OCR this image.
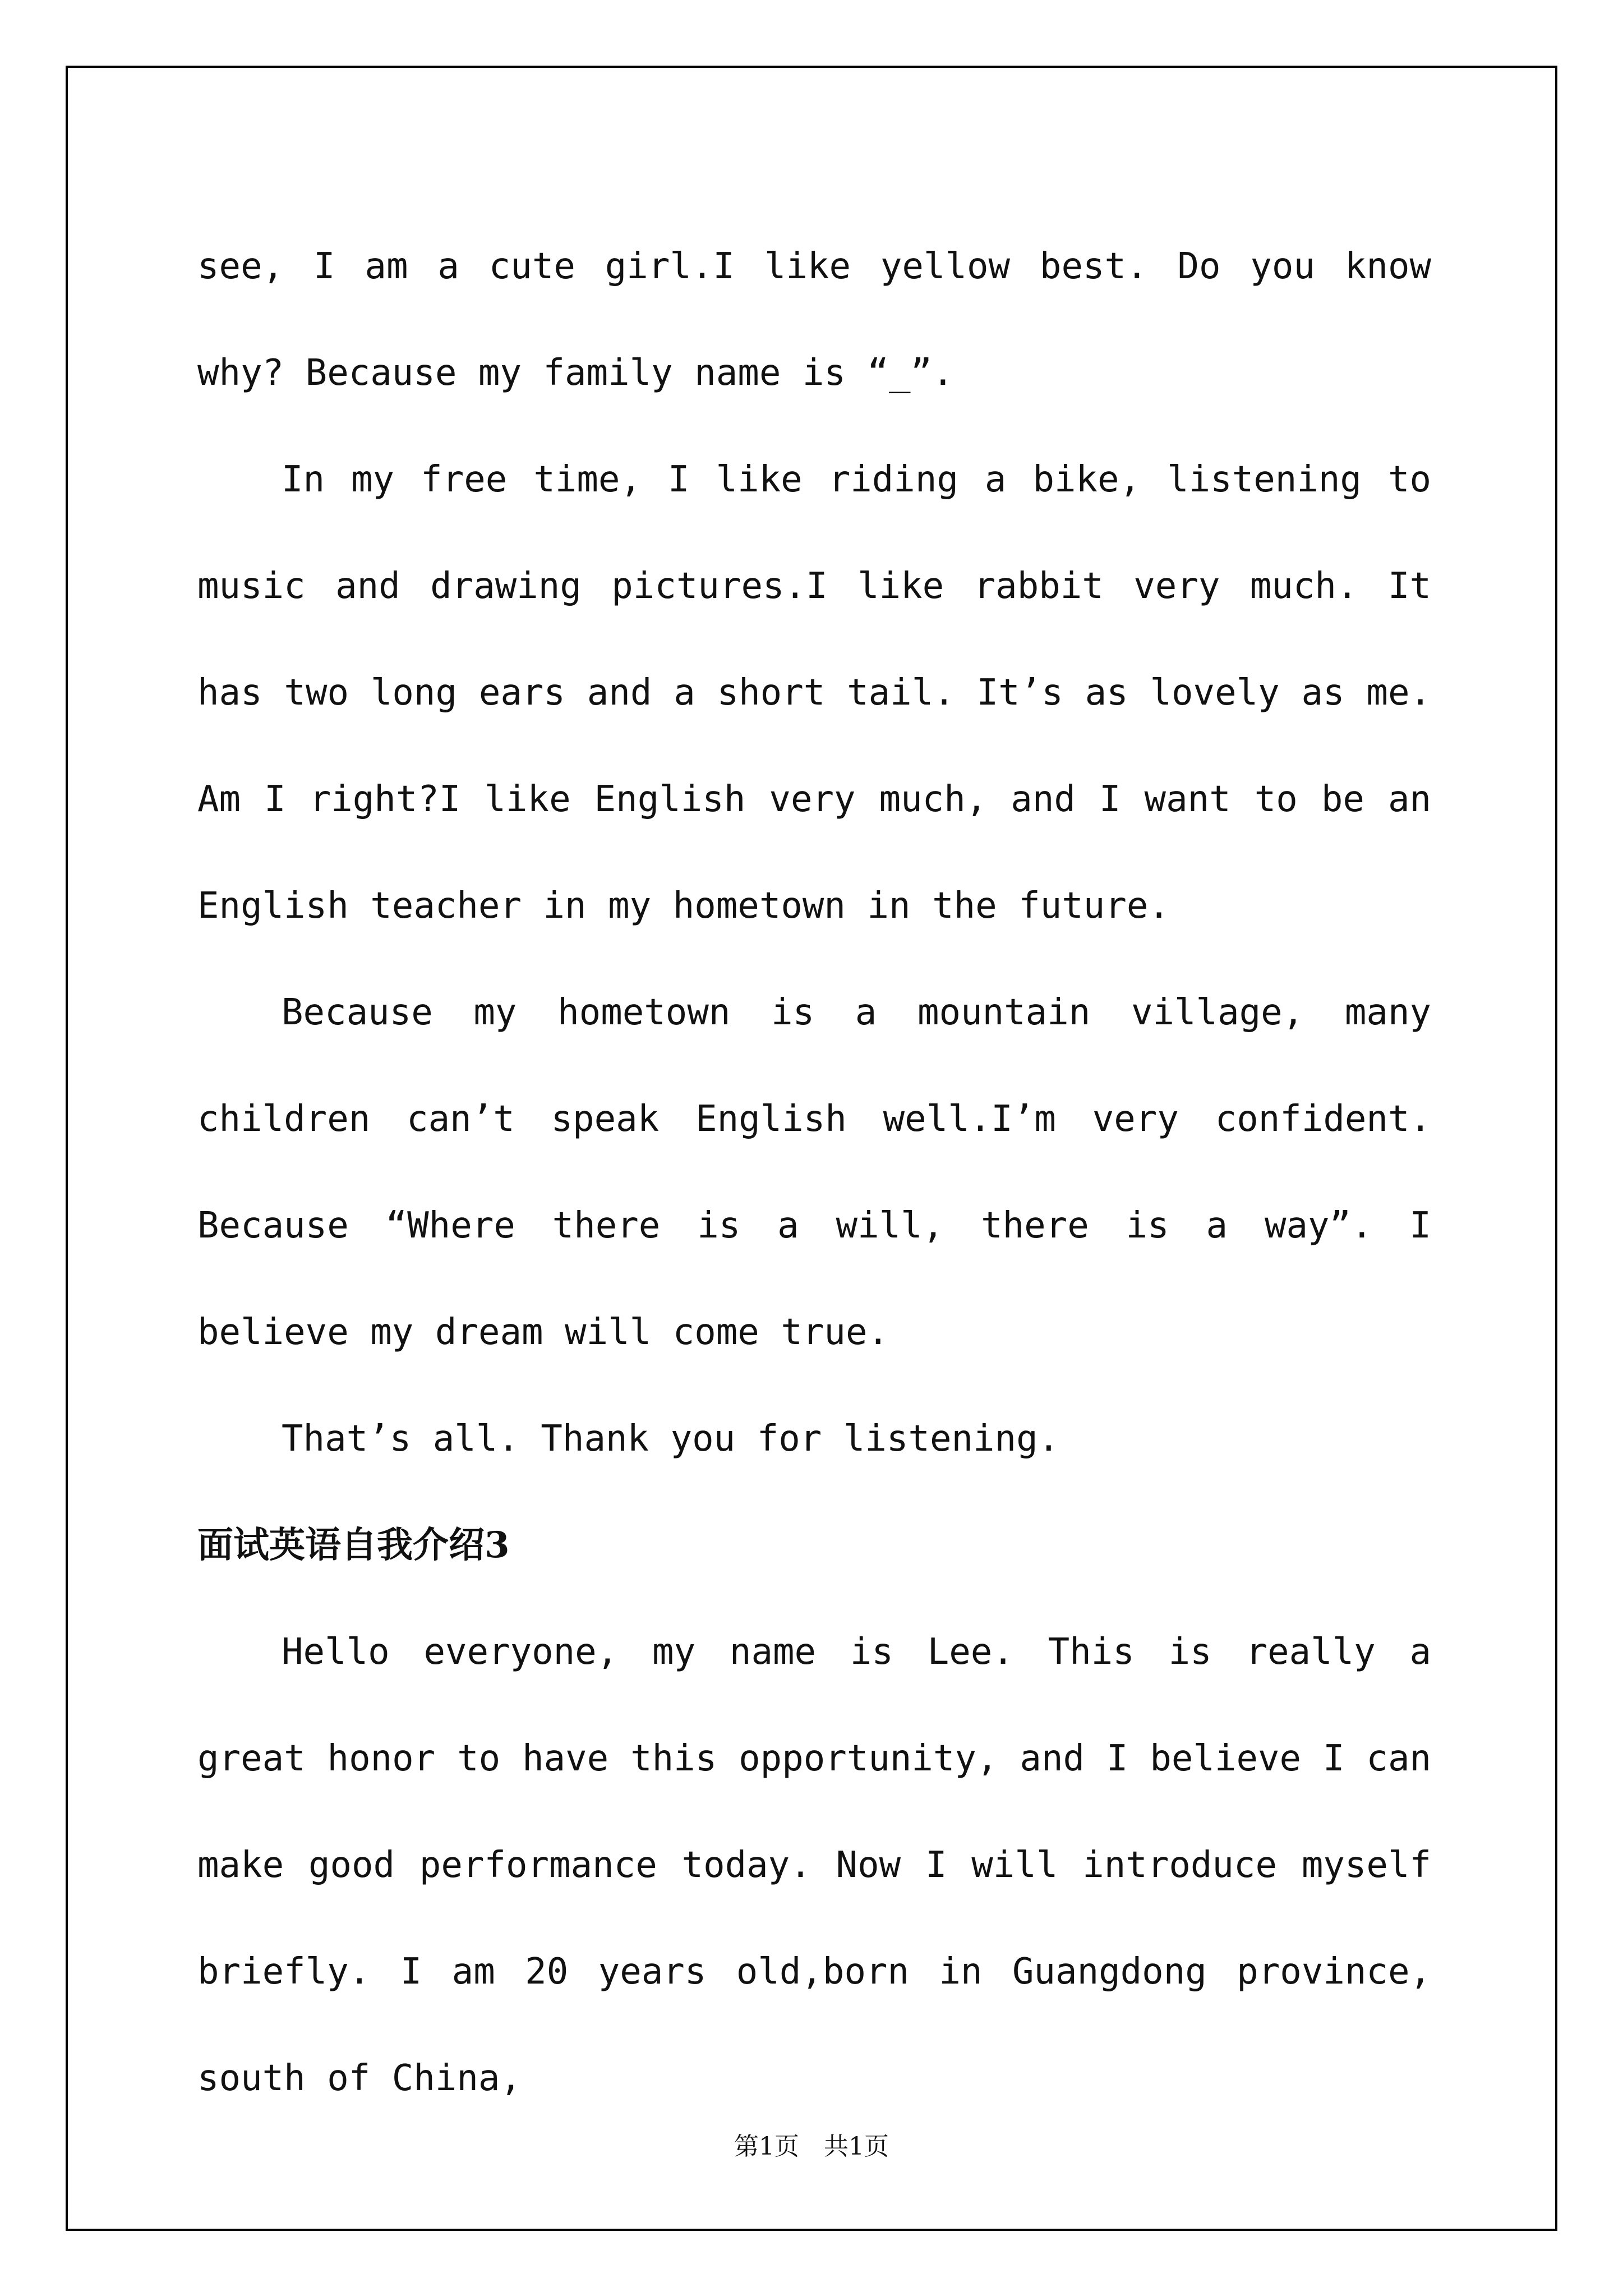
see, I am a cute girl.I like yellow best. Do you know why? Because my family name is “_”.

In my free time, I like riding a bike, listening to music and drawing pictures.I like rabbit very much. It has two long ears and a short tail. It’s as lovely as me. Am I right?I like English very much, and I want to be an English teacher in my hometown in the future.

Because my hometown is a mountain village, many children can’t speak English well.I’m very confident. Because “Where there is a will, there is a way”. I believe my dream will come true.

That’s all. Thank you for listening.

面试英语自我介绍3

Hello everyone, my name is Lee. This is really a great honor to have this opportunity, and I believe I can make good performance today. Now I will introduce myself briefly. I am 20 years old,born in Guangdong province, south of China,

第1页　共1页
